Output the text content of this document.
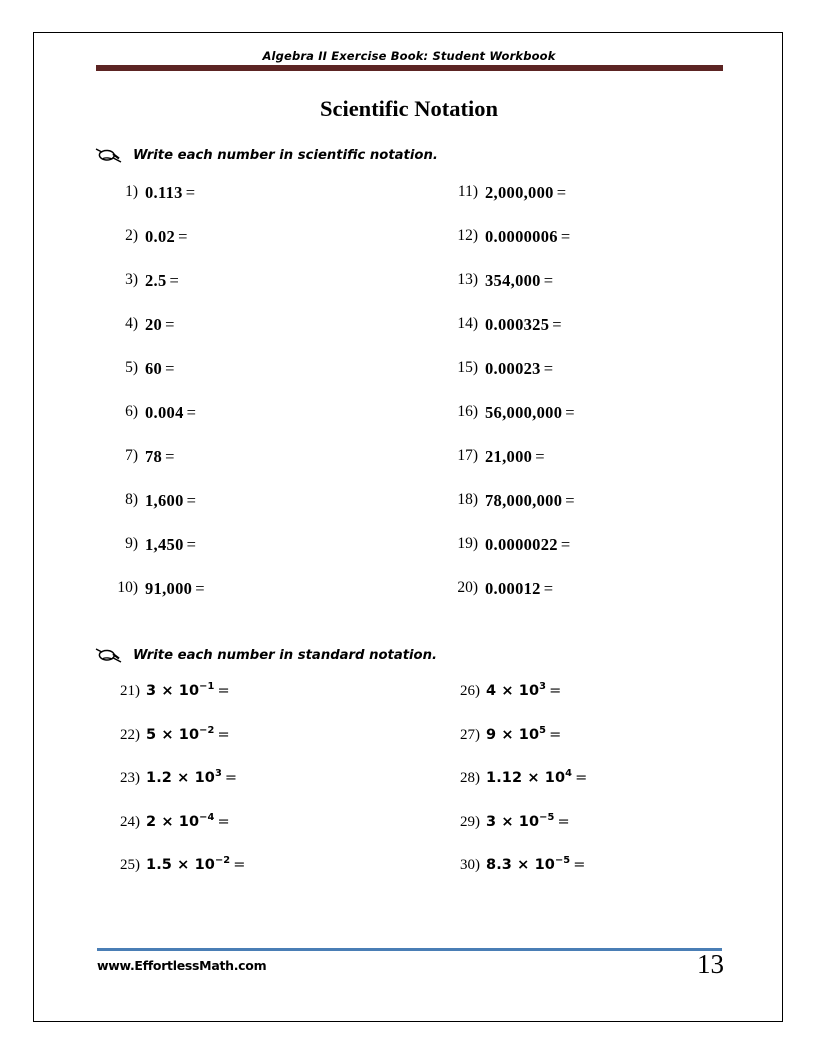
Algebra II Exercise Book: Student Workbook
Scientific Notation
Write each number in scientific notation.
1) 0.113 =
2) 0.02 =
3) 2.5 =
4) 20 =
5) 60 =
6) 0.004 =
7) 78 =
8) 1,600 =
9) 1,450 =
10) 91,000 =
11) 2,000,000 =
12) 0.0000006 =
13) 354,000 =
14) 0.000325 =
15) 0.00023 =
16) 56,000,000 =
17) 21,000 =
18) 78,000,000 =
19) 0.0000022 =
20) 0.00012 =
Write each number in standard notation.
21) $3 \times 10^{-1}$ =
22) $5 \times 10^{-2}$ =
23) $1.2 \times 10^3$ =
24) $2 \times 10^{-4}$ =
25) $1.5 \times 10^{-2}$ =
26) $4 \times 10^3$ =
27) $9 \times 10^5$ =
28) $1.12 \times 10^4$ =
29) $3 \times 10^{-5}$ =
30) $8.3 \times 10^{-5}$ =
www.EffortlessMath.com	13
